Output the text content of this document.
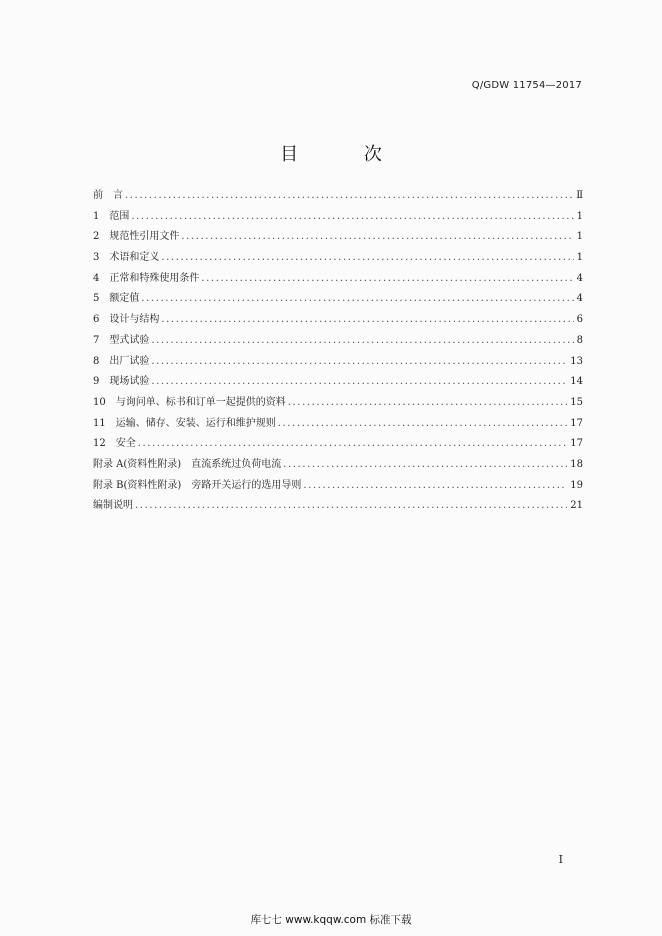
Q/GDW 11754—2017
目 次
前　言 .....	Ⅱ
1　范围 .....	1
2　规范性引用文件 .....	1
3　术语和定义 .....	1
4　正常和特殊使用条件 .....	4
5　额定值 .....	4
6　设计与结构 .....	6
7　型式试验 .....	8
8　出厂试验 .....	13
9　现场试验 .....	14
10　与询问单、标书和订单一起提供的资料 .....	15
11　运输、储存、安装、运行和维护规则 .....	17
12　安全 .....	17
附录 A(资料性附录)　直流系统过负荷电流 .....	18
附录 B(资料性附录)　旁路开关运行的选用导则 .....	19
编制说明 .....	21
I
库七七 www.kqqw.com 标准下载
